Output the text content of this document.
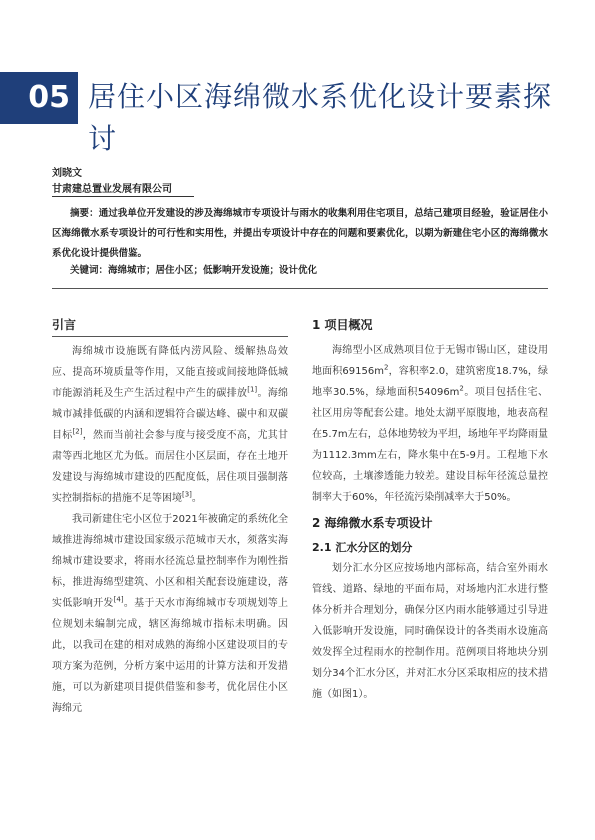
05 居住小区海绵微水系优化设计要素探讨
刘晓文
甘肃建总置业发展有限公司
摘要：通过我单位开发建设的涉及海绵城市专项设计与雨水的收集利用住宅项目，总结己建项目经验，验证居住小区海绵微水系专项设计的可行性和实用性，并提出专项设计中存在的问题和要素优化，以期为新建住宅小区的海绵微水系优化设计提供借鉴。
关键词：海绵城市；居住小区；低影响开发设施；设计优化
引言

海绵城市设施既有降低内涝风险、缓解热岛效应、提高环境质量等作用，又能直接或间接地降低城市能源消耗及生产生活过程中产生的碳排放[1]。海绵城市减排低碳的内涵和逻辑符合碳达峰、碳中和双碳目标[2]，然而当前社会参与度与接受度不高，尤其甘肃等西北地区尤为低。而居住小区层面，存在土地开发建设与海绵城市建设的匹配度低，居住项目强制落实控制指标的措施不足等困境[3]。

我司新建住宅小区位于2021年被确定的系统化全域推进海绵城市建设国家级示范城市天水，须落实海绵城市建设要求，将雨水径流总量控制率作为刚性指标，推进海绵型建筑、小区和相关配套设施建设，落实低影响开发[4]。基于天水市海绵城市专项规划等上位规划未编制完成，辖区海绵城市指标未明确。因此，以我司在建的相对成熟的海绵小区建设项目的专项方案为范例，分析方案中运用的计算方法和开发措施，可以为新建项目提供借鉴和参考，优化居住小区海绵元

1 项目概况

海绵型小区成熟项目位于无锡市锡山区，建设用地面积$69156m^2$，容积率2.0，建筑密度18.7%，绿地率30.5%，绿地面积$54096m^2$。项目包括住宅、社区用房等配套公建。地处太湖平原腹地，地表高程在5.7m左右，总体地势较为平坦，场地年平均降雨量为1112.3mm左右，降水集中在5-9月。工程地下水位较高，土壤渗透能力较差。建设目标年径流总量控制率大于60%，年径流污染削减率大于50%。

2 海绵微水系专项设计
2.1 汇水分区的划分

划分汇水分区应按场地内部标高，结合室外雨水管线、道路、绿地的平面布局，对场地内汇水进行整体分析并合理划分，确保分区内雨水能够通过引导进入低影响开发设施，同时确保设计的各类雨水设施高效发挥全过程雨水的控制作用。范例项目将地块分别划分34个汇水分区，并对汇水分区采取相应的技术措施（如图1）。
